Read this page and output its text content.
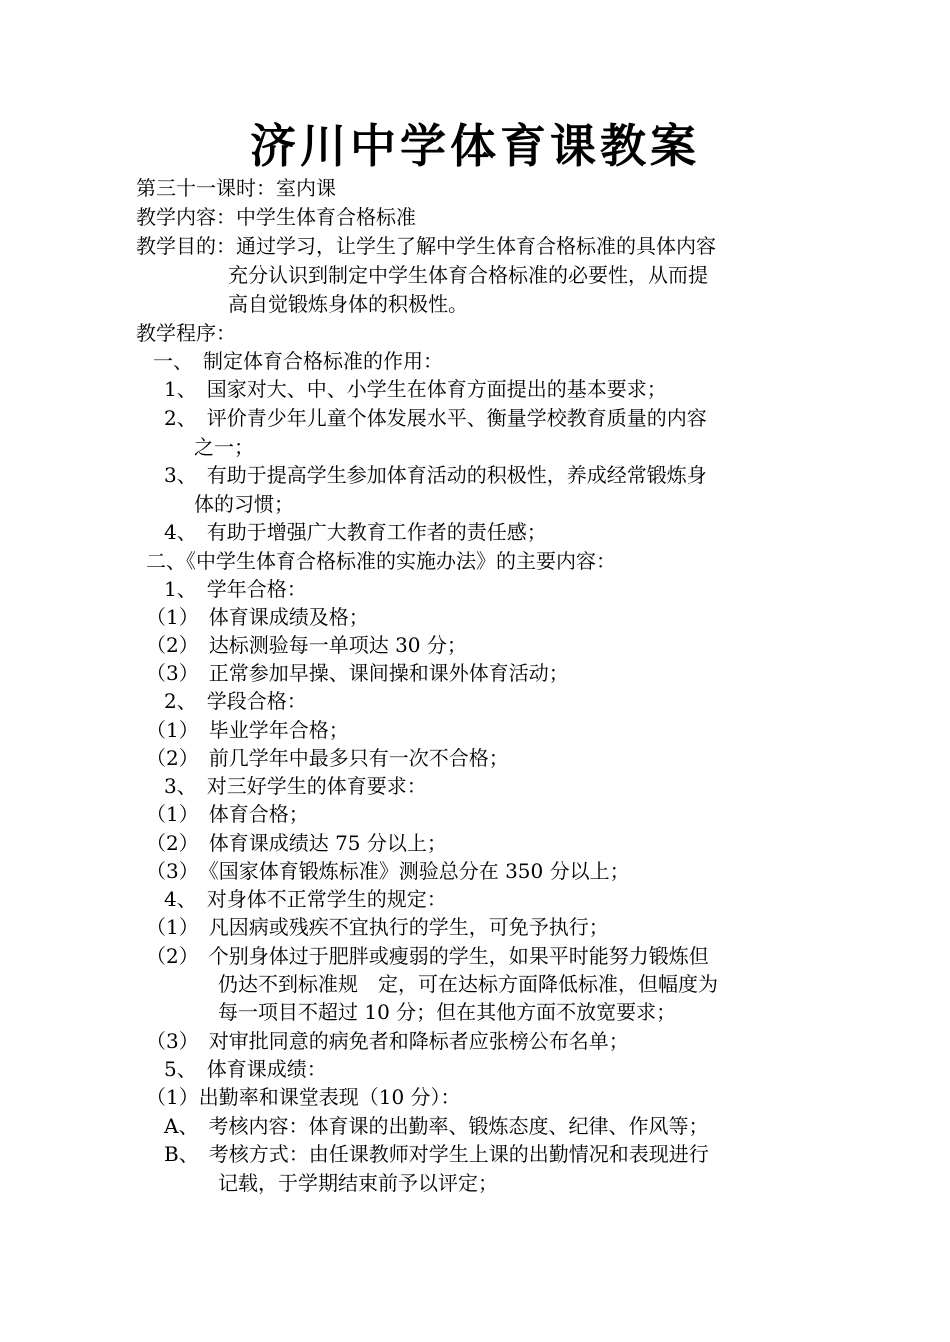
济川中学体育课教案
第三十一课时：室内课
教学内容：中学生体育合格标准
教学目的：通过学习，让学生了解中学生体育合格标准的具体内容
充分认识到制定中学生体育合格标准的必要性，从而提
高自觉锻炼身体的积极性。
教学程序：
一、　制定体育合格标准的作用：
1、　国家对大、中、小学生在体育方面提出的基本要求；
2、　评价青少年儿童个体发展水平、衡量学校教育质量的内容
之一；
3、　有助于提高学生参加体育活动的积极性，养成经常锻炼身
体的习惯；
4、　有助于增强广大教育工作者的责任感；
二、《中学生体育合格标准的实施办法》的主要内容：
1、　学年合格：
（1）　体育课成绩及格；
（2）　达标测验每一单项达 30 分；
（3）　正常参加早操、课间操和课外体育活动；
2、　学段合格：
（1）　毕业学年合格；
（2）　前几学年中最多只有一次不合格；
3、　对三好学生的体育要求：
（1）　体育合格；
（2）　体育课成绩达 75 分以上；
（3）　《国家体育锻炼标准》测验总分在 350 分以上；
4、　对身体不正常学生的规定：
（1）　凡因病或残疾不宜执行的学生，可免予执行；
（2）　个别身体过于肥胖或瘦弱的学生，如果平时能努力锻炼但
仍达不到标准规　定，可在达标方面降低标准，但幅度为
每一项目不超过 10 分；但在其他方面不放宽要求；
（3）　对审批同意的病免者和降标者应张榜公布名单；
5、　体育课成绩：
（1）出勤率和课堂表现（10 分）：
A、　考核内容：体育课的出勤率、锻炼态度、纪律、作风等；
B、　考核方式：由任课教师对学生上课的出勤情况和表现进行
记载，于学期结束前予以评定；
